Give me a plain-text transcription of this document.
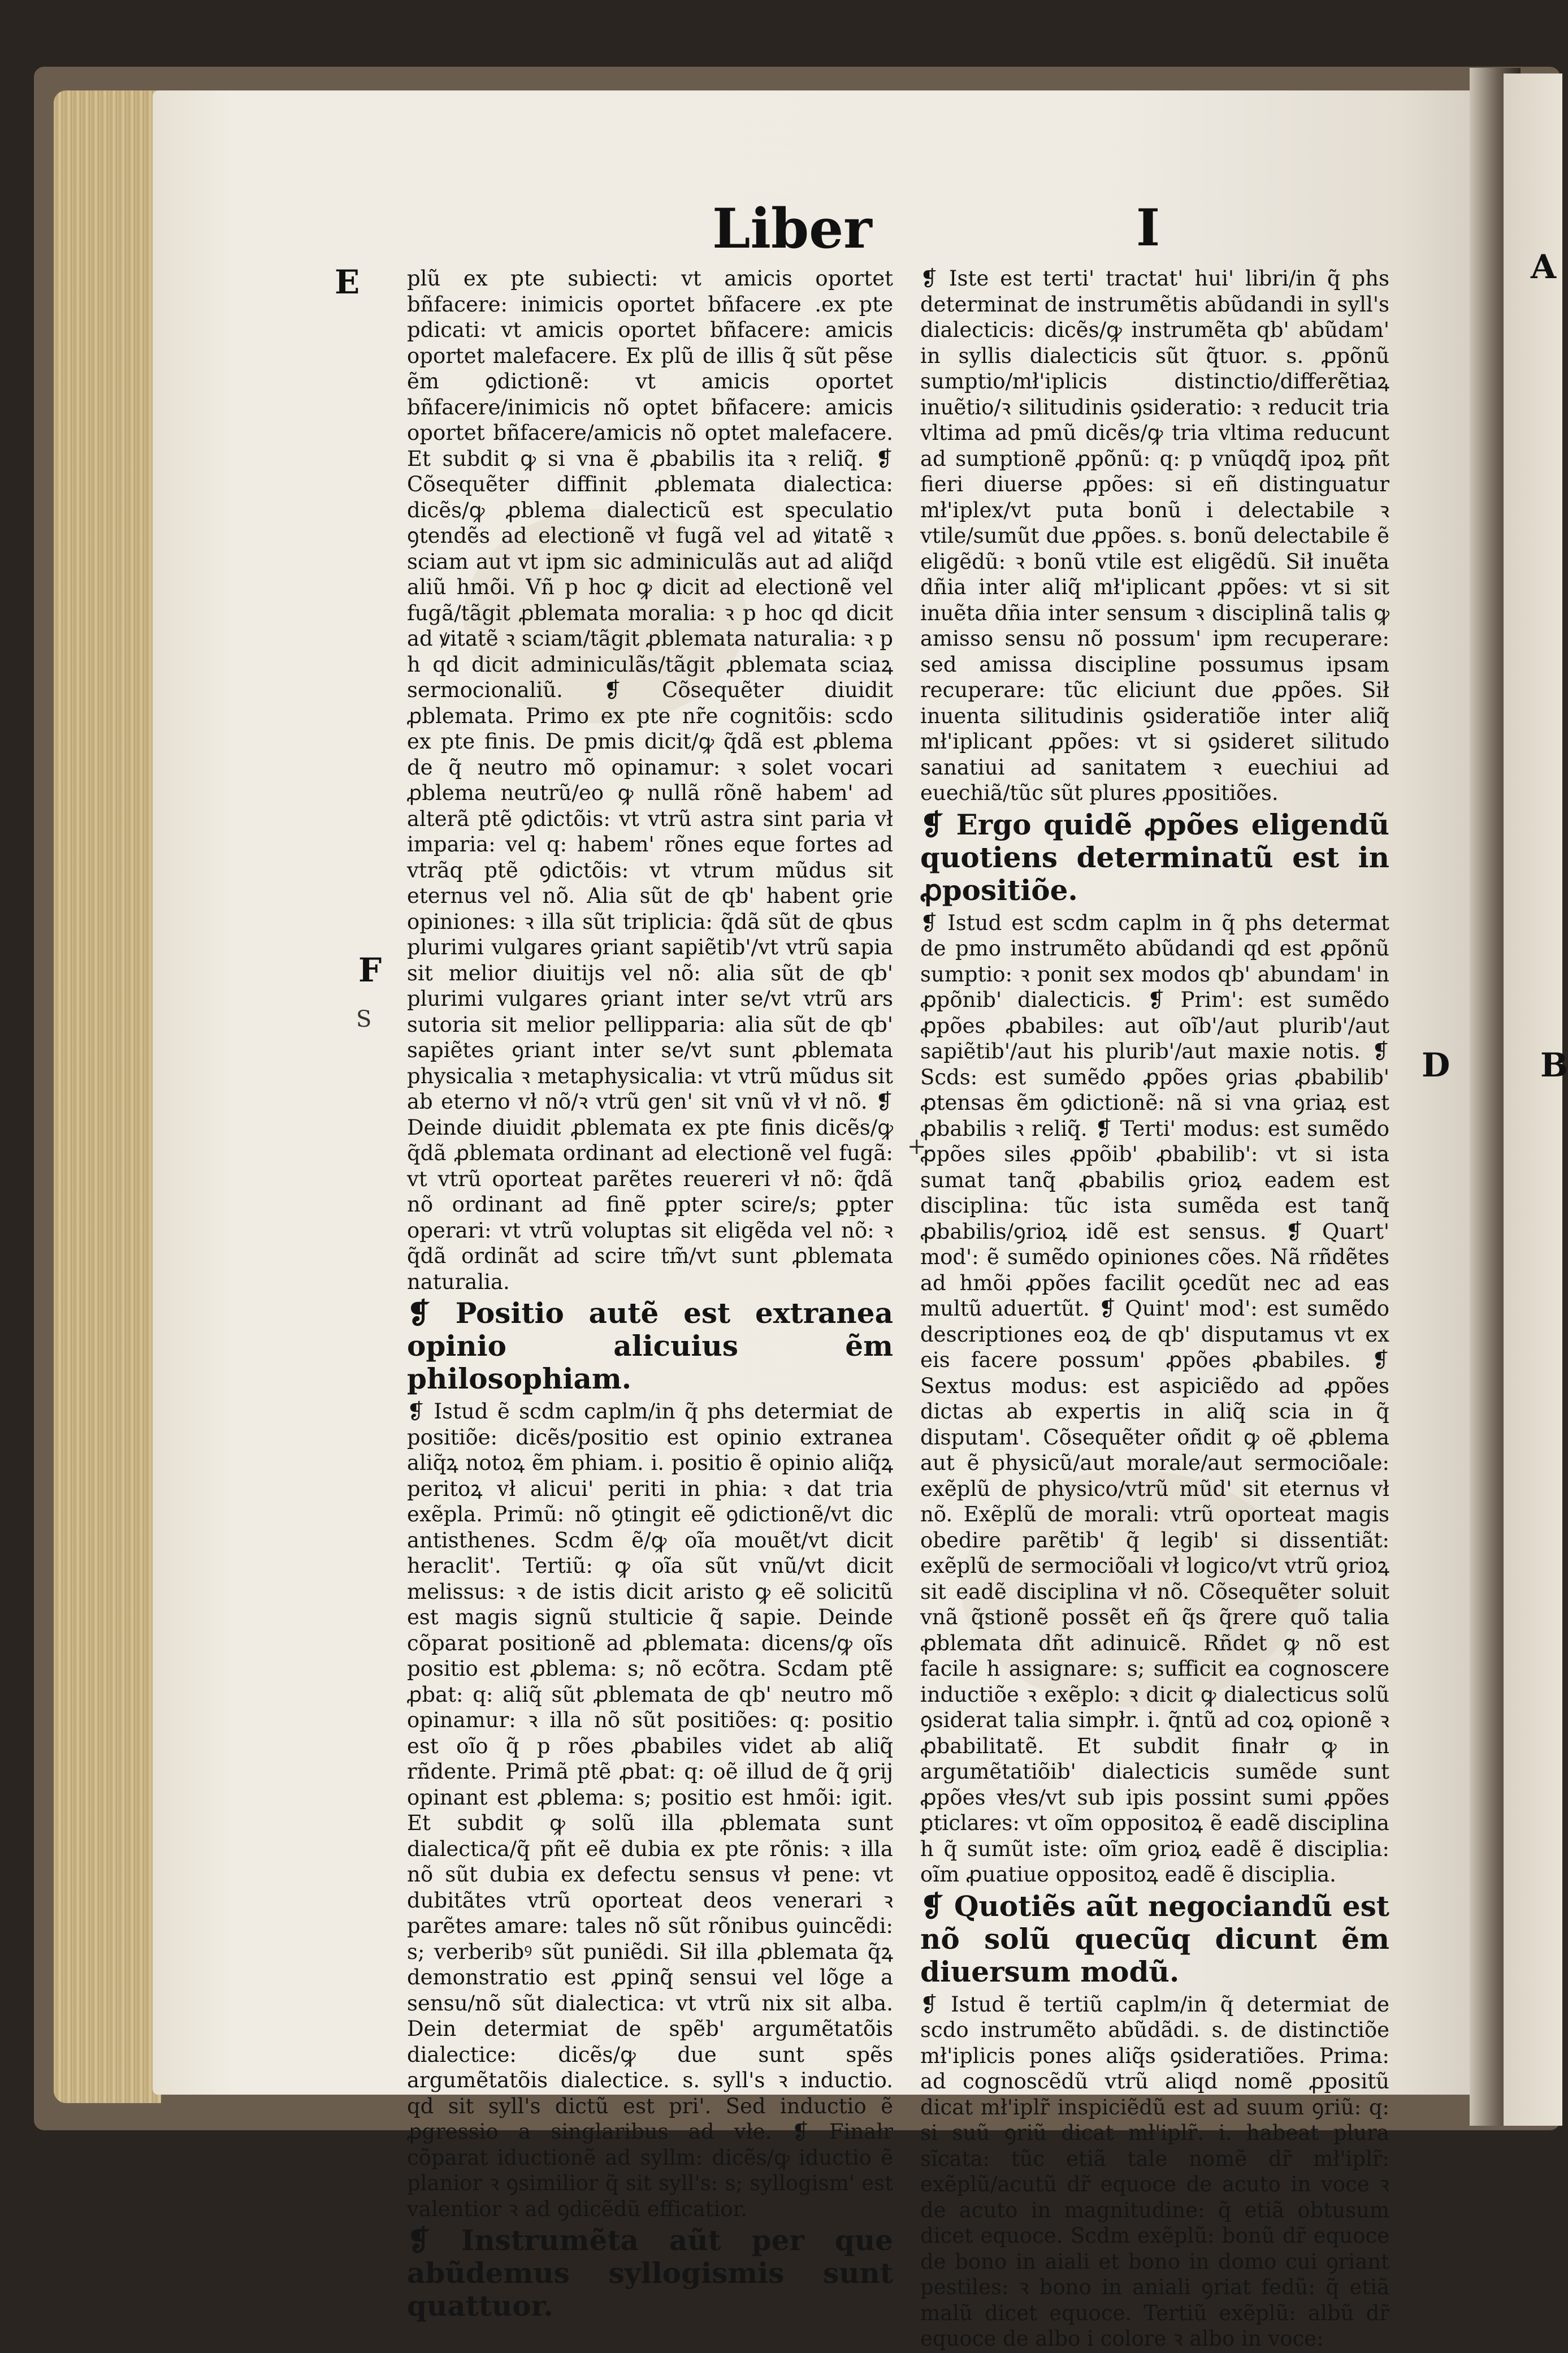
Liber	I
E
F
S
A
D	B
+

plũ ex pte subiecti: vt amicis oportet bñfacere: inimicis oportet bñfacere .ex pte pdicati: vt amicis oportet bñfacere: amicis oportet malefacere. Ex plũ de illis q̃ sũt pẽse ẽm ꝯdictionẽ: vt amicis oportet bñfacere/inimicis nõ optet bñfacere: amicis oportet bñfacere/amicis nõ optet malefacere. Et subdit ꝙ si vna ẽ ꝓbabilis ita ꝛ reliq̃. ❡ Cõsequẽter diffinit ꝓblemata dialectica: dicẽs/ꝙ ꝓblema dialecticũ est speculatio ꝯtendẽs ad electionẽ vł fugã vel ad ꝟitatẽ ꝛ sciam aut vt ipm sic adminiculãs aut ad aliq̃d aliũ hmõi. Vñ p hoc ꝙ dicit ad electionẽ vel fugã/tãgit ꝓblemata moralia: ꝛ p hoc qd dicit ad ꝟitatẽ ꝛ sciam/tãgit ꝓblemata naturalia: ꝛ p h qd dicit adminiculãs/tãgit ꝓblemata sciaꝝ sermocionaliũ. ❡ Cõsequẽter diuidit ꝓblemata. Primo ex pte nr̃e cognitõis: scdo ex pte finis. De pmis dicit/ꝙ q̃dã est ꝓblema de q̃ neutro mõ opinamur: ꝛ solet vocari ꝓblema neutrũ/eo ꝙ nullã rõnẽ habem' ad alterã ptẽ ꝯdictõis: vt vtrũ astra sint paria vł imparia: vel q: habem' rõnes eque fortes ad vtrãq ptẽ ꝯdictõis: vt vtrum mũdus sit eternus vel nõ. Alia sũt de qb' habent ꝯrie opiniones: ꝛ illa sũt triplicia: q̃dã sũt de qbus plurimi vulgares ꝯriant sapiẽtib'/vt vtrũ sapia sit melior diuitijs vel nõ: alia sũt de qb' plurimi vulgares ꝯriant inter se/vt vtrũ ars sutoria sit melior pellipparia: alia sũt de qb' sapiẽtes ꝯriant inter se/vt sunt ꝓblemata physicalia ꝛ metaphysicalia: vt vtrũ mũdus sit ab eterno vł nõ/ꝛ vtrũ gen' sit vnũ vł vł nõ. ❡ Deinde diuidit ꝓblemata ex pte finis dicẽs/ꝙ q̃dã ꝓblemata ordinant ad electionẽ vel fugã: vt vtrũ oporteat parẽtes reuereri vł nõ: q̃dã nõ ordinant ad finẽ ꝑpter scire/s; ꝑpter operari: vt vtrũ voluptas sit eligẽda vel nõ: ꝛ q̃dã ordinãt ad scire tm̃/vt sunt ꝓblemata naturalia.

❡ Positio autẽ est extranea opinio alicuius ẽm philosophiam.

❡ Istud ẽ scdm caplm/in q̃ phs determiat de positiõe: dicẽs/positio est opinio extranea aliq̃ꝝ notoꝝ ẽm phiam. i. positio ẽ opinio aliq̃ꝝ peritoꝝ vł alicui' periti in phia: ꝛ dat tria exẽpla. Primũ: nõ ꝯtingit eẽ ꝯdictionẽ/vt dic antisthenes. Scdm ẽ/ꝙ oĩa mouẽt/vt dicit heraclit'. Tertiũ: ꝙ oĩa sũt vnũ/vt dicit melissus: ꝛ de istis dicit aristo ꝙ eẽ solicitũ est magis signũ stulticie q̃ sapie. Deinde cõparat positionẽ ad ꝓblemata: dicens/ꝙ oĩs positio est ꝓblema: s; nõ ecõtra. Scdam ptẽ ꝓbat: q: aliq̃ sũt ꝓblemata de qb' neutro mõ opinamur: ꝛ illa nõ sũt positiões: q: positio est oĩo q̃ p rões ꝓbabiles videt ab aliq̃ rñdente. Primã ptẽ ꝓbat: q: oẽ illud de q̃ ꝯrij opinant est ꝓblema: s; positio est hmõi: igit. Et subdit ꝙ solũ illa ꝓblemata sunt dialectica/q̃ pñt eẽ dubia ex pte rõnis: ꝛ illa nõ sũt dubia ex defectu sensus vł pene: vt dubitãtes vtrũ oporteat deos venerari ꝛ parẽtes amare: tales nõ sũt rõnibus ꝯuincẽdi: s; verberibꝰ sũt puniẽdi. Sił illa ꝓblemata q̃ꝝ demonstratio est ꝓpinq̃ sensui vel lõge a sensu/nõ sũt dialectica: vt vtrũ nix sit alba. Dein determiat de spẽb' argumẽtatõis dialectice: dicẽs/ꝙ due sunt spẽs argumẽtatõis dialectice. s. syll's ꝛ inductio. qd sit syll's dictũ est pri'. Sed inductio ẽ ꝓgressio a singlaribus ad vłe. ❡ Finałr cõparat iductionẽ ad syllm: dicẽs/ꝙ iductio ẽ planior ꝛ ꝯsimilior q̃ sit syll's: s; syllogism' est valentior ꝛ ad ꝯdicẽdũ efficatior.

❡ Instrumẽta aũt per que abũdemus syllogismis sunt quattuor.

❡ Iste est terti' tractat' hui' libri/in q̃ phs determinat de instrumẽtis abũdandi in syll's dialecticis: dicẽs/ꝙ instrumẽta qb' abũdam' in syllis dialecticis sũt q̃tuor. s. ꝓpõnũ sumptio/mł'iplicis distinctio/differẽtiaꝝ inuẽtio/ꝛ silitudinis ꝯsideratio: ꝛ reducit tria vltima ad pmũ dicẽs/ꝙ tria vltima reducunt ad sumptionẽ ꝓpõnũ: q: p vnũqdq̃ ipoꝝ pñt fieri diuerse ꝓpões: si eñ distinguatur mł'iplex/vt puta bonũ i delectabile ꝛ vtile/sumũt due ꝓpões. s. bonũ delectabile ẽ eligẽdũ: ꝛ bonũ vtile est eligẽdũ. Sił inuẽta dñia inter aliq̃ mł'iplicant ꝓpões: vt si sit inuẽta dñia inter sensum ꝛ disciplinã talis ꝙ amisso sensu nõ possum' ipm recuperare: sed amissa discipline possumus ipsam recuperare: tũc eliciunt due ꝓpões. Sił inuenta silitudinis ꝯsideratiõe inter aliq̃ mł'iplicant ꝓpões: vt si ꝯsideret silitudo sanatiui ad sanitatem ꝛ euechiui ad euechiã/tũc sũt plures ꝓpositiões.

❡ Ergo quidẽ ꝓpões eligendũ quotiens determinatũ est in ꝓpositiõe.

❡ Istud est scdm caplm in q̃ phs determat de pmo instrumẽto abũdandi qd est ꝓpõnũ sumptio: ꝛ ponit sex modos qb' abundam' in ꝓpõnib' dialecticis. ❡ Prim': est sumẽdo ꝓpões ꝓbabiles: aut oĩb'/aut plurib'/aut sapiẽtib'/aut his plurib'/aut maxie notis. ❡ Scds: est sumẽdo ꝓpões ꝯrias ꝓbabilib' ꝓtensas ẽm ꝯdictionẽ: nã si vna ꝯriaꝝ est ꝓbabilis ꝛ reliq̃. ❡ Terti' modus: est sumẽdo ꝓpões siles ꝓpõib' ꝓbabilib': vt si ista sumat tanq̃ ꝓbabilis ꝯrioꝝ eadem est disciplina: tũc ista sumẽda est tanq̃ ꝓbabilis/ꝯrioꝝ idẽ est sensus. ❡ Quart' mod': ẽ sumẽdo opiniones cões. Nã rñdẽtes ad hmõi ꝓpões facilit ꝯcedũt nec ad eas multũ aduertũt. ❡ Quint' mod': est sumẽdo descriptiones eoꝝ de qb' disputamus vt ex eis facere possum' ꝓpões ꝓbabiles. ❡ Sextus modus: est aspiciẽdo ad ꝓpões dictas ab expertis in aliq̃ scia in q̃ disputam'. Cõsequẽter oñdit ꝙ oẽ ꝓblema aut ẽ physicũ/aut morale/aut sermociõale: exẽplũ de physico/vtrũ mũd' sit eternus vł nõ. Exẽplũ de morali: vtrũ oporteat magis obedire parẽtib' q̃ legib' si dissentiãt: exẽplũ de sermociõali vł logico/vt vtrũ ꝯrioꝝ sit eadẽ disciplina vł nõ. Cõsequẽter soluit vnã q̃stionẽ possẽt eñ q̃s q̃rere quõ talia ꝓblemata dñt adinuicẽ. Rñdet ꝙ nõ est facile h assignare: s; sufficit ea cognoscere inductiõe ꝛ exẽplo: ꝛ dicit ꝙ dialecticus solũ ꝯsiderat talia simpłr. i. q̃ntũ ad coꝝ opionẽ ꝛ ꝓbabilitatẽ. Et subdit finałr ꝙ in argumẽtatiõib' dialecticis sumẽde sunt ꝓpões vłes/vt sub ipis possint sumi ꝓpões ꝑticlares: vt oĩm oppositoꝝ ẽ eadẽ disciplina h q̃ sumũt iste: oĩm ꝯrioꝝ eadẽ ẽ disciplia: oĩm ꝓuatiue oppositoꝝ eadẽ ẽ disciplia.

❡ Quotiẽs aũt negociandũ est nõ solũ quecũq dicunt ẽm diuersum modũ.

❡ Istud ẽ tertiũ caplm/in q̃ determiat de scdo instrumẽto abũdãdi. s. de distinctiõe mł'iplicis pones aliq̃s ꝯsideratiões. Prima: ad cognoscẽdũ vtrũ aliqd nomẽ ꝓpositũ dicat mł'iplr̃ inspiciẽdũ est ad suum ꝯriũ: q: si suũ ꝯriũ dicat mł'iplr̃. i. habeat plura sĩcata: tũc etiã tale nomẽ dr̃ mł'iplr̃: exẽplũ/acutũ dr̃ equoce de acuto in voce ꝛ de acuto in magnitudine: q̃ etiã obtusum dicet equoce. Scdm exẽplũ: bonũ dr̃ equoce de bono in aiali et bono in domo cui ꝯriant pestiles: ꝛ bono in aniali ꝯriat fedũ: q̃ etiã malũ dicet equoce. Tertiũ exẽplũ: albũ dr̃ equoce de albo i colore ꝛ albo in voce:
